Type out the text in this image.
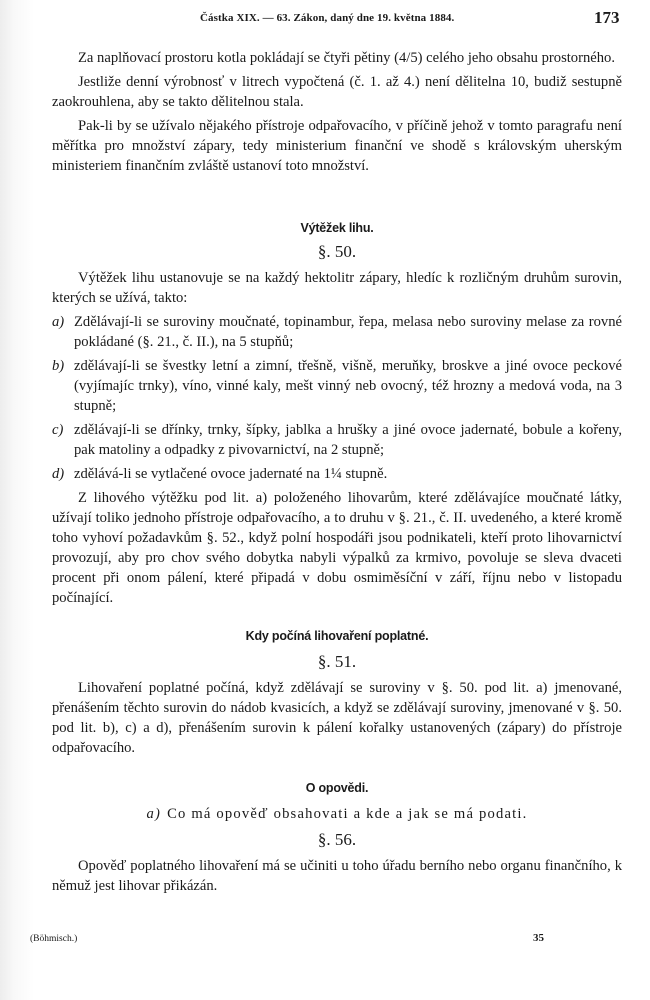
Částka XIX. — 63. Zákon, daný dne 19. května 1884.	173

Za naplňovací prostoru kotla pokládají se čtyři pětiny (4/5) celého jeho obsahu prostorného.

Jestliže denní výrobnosť v litrech vypočtená (č. 1. až 4.) není dělitelna 10, budiž sestupně zaokrouhlena, aby se takto dělitelnou stala.

Pak-li by se užívalo nějakého přístroje odpařovacího, v příčině jehož v tomto paragrafu není měřítka pro množství zápary, tedy ministerium finanční ve shodě s královským uherským ministeriem finančním zvláště ustanoví toto množství.

Výtěžek lihu.
§. 50.

Výtěžek lihu ustanovuje se na každý hektolitr zápary, hledíc k rozličným druhům surovin, kterých se užívá, takto:

a) Zdělávají-li se suroviny moučnaté, topinambur, řepa, melasa nebo suroviny melase za rovné pokládané (§. 21., č. II.), na 5 stupňů;
b) zdělávají-li se švestky letní a zimní, třešně, višně, meruňky, broskve a jiné ovoce peckové (vyjímajíc trnky), víno, vinné kaly, mešt vinný neb ovocný, též hrozny a medová voda, na 3 stupně;
c) zdělávají-li se dřínky, trnky, šípky, jablka a hrušky a jiné ovoce jadernaté, bobule a kořeny, pak matoliny a odpadky z pivovarnictví, na 2 stupně;
d) zdělává-li se vytlačené ovoce jadernaté na 1¼ stupně.

Z lihového výtěžku pod lit. a) položeného lihovarům, které zdělávajíce moučnaté látky, užívají toliko jednoho přístroje odpařovacího, a to druhu v §. 21., č. II. uvedeného, a které kromě toho vyhoví požadavkům §. 52., když polní hospodáři jsou podnikateli, kteří proto lihovarnictví provozují, aby pro chov svého dobytka nabyli výpalků za krmivo, povoluje se sleva dvaceti procent při onom pálení, které připadá v dobu osmiměsíční v září, říjnu nebo v listopadu počínající.

Kdy počíná lihovaření poplatné.
§. 51.

Lihovaření poplatné počíná, když zdělávají se suroviny v §. 50. pod lit. a) jmenované, přenášením těchto surovin do nádob kvasicích, a když se zdělávají suroviny, jmenované v §. 50. pod lit. b), c) a d), přenášením surovin k pálení kořalky ustanovených (zápary) do přístroje odpařovacího.

O opovědi.
a) Co má opověď obsahovati a kde a jak se má podati.
§. 56.

Opověď poplatného lihovaření má se učiniti u toho úřadu berního nebo organu finančního, k němuž jest lihovar přikázán.

(Böhmisch.)	35
